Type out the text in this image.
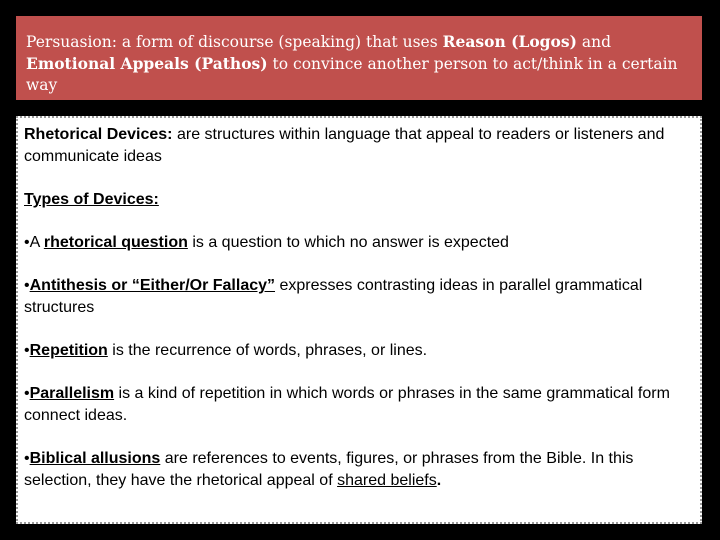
Persuasion: a form of discourse (speaking) that uses Reason (Logos) and Emotional Appeals (Pathos) to convince another person to act/think in a certain way

Rhetorical Devices: are structures within language that appeal to readers or listeners and communicate ideas

Types of Devices:

•A rhetorical question is a question to which no answer is expected

•Antithesis or “Either/Or Fallacy” expresses contrasting ideas in parallel grammatical structures

•Repetition is the recurrence of words, phrases, or lines.

•Parallelism is a kind of repetition in which words or phrases in the same grammatical form connect ideas.

•Biblical allusions are references to events, figures, or phrases from the Bible. In this selection, they have the rhetorical appeal of shared beliefs.
